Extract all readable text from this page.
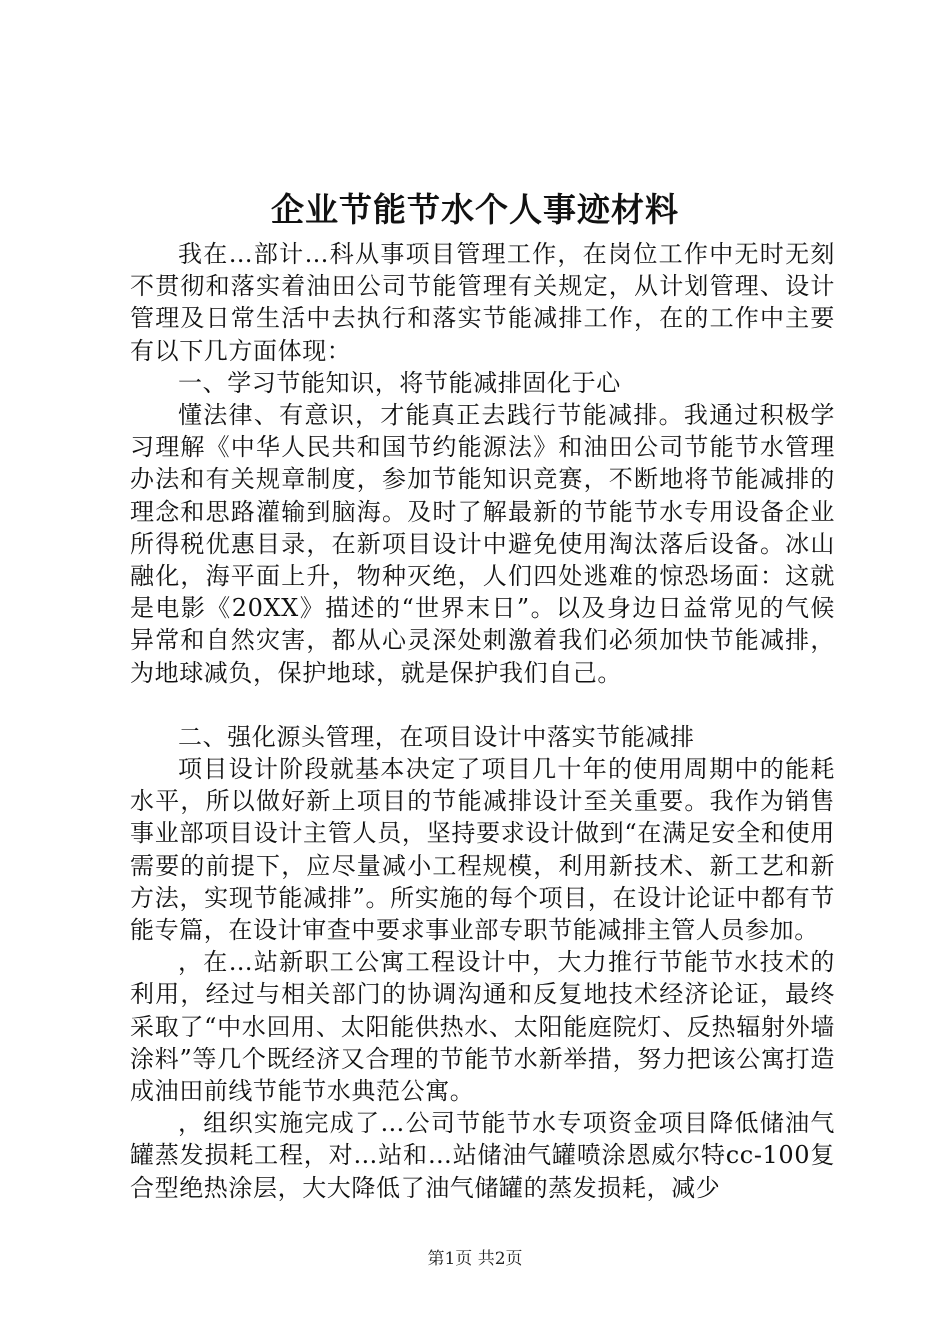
企业节能节水个人事迹材料

我在…部计…科从事项目管理工作，在岗位工作中无时无刻不贯彻和落实着油田公司节能管理有关规定，从计划管理、设计管理及日常生活中去执行和落实节能减排工作，在的工作中主要有以下几方面体现：

一、学习节能知识，将节能减排固化于心

懂法律、有意识，才能真正去践行节能减排。我通过积极学习理解《中华人民共和国节约能源法》和油田公司节能节水管理办法和有关规章制度，参加节能知识竞赛，不断地将节能减排的理念和思路灌输到脑海。及时了解最新的节能节水专用设备企业所得税优惠目录，在新项目设计中避免使用淘汰落后设备。冰山融化，海平面上升，物种灭绝，人们四处逃难的惊恐场面：这就是电影《20XX》描述的“世界末日”。以及身边日益常见的气候异常和自然灾害，都从心灵深处刺激着我们必须加快节能减排，为地球减负，保护地球，就是保护我们自己。

二、强化源头管理，在项目设计中落实节能减排

项目设计阶段就基本决定了项目几十年的使用周期中的能耗水平，所以做好新上项目的节能减排设计至关重要。我作为销售事业部项目设计主管人员，坚持要求设计做到“在满足安全和使用需要的前提下，应尽量减小工程规模，利用新技术、新工艺和新方法，实现节能减排”。所实施的每个项目，在设计论证中都有节能专篇，在设计审查中要求事业部专职节能减排主管人员参加。

，在…站新职工公寓工程设计中，大力推行节能节水技术的利用，经过与相关部门的协调沟通和反复地技术经济论证，最终采取了“中水回用、太阳能供热水、太阳能庭院灯、反热辐射外墙涂料”等几个既经济又合理的节能节水新举措，努力把该公寓打造成油田前线节能节水典范公寓。

，组织实施完成了…公司节能节水专项资金项目降低储油气罐蒸发损耗工程，对…站和…站储油气罐喷涂恩威尔特cc-100复合型绝热涂层，大大降低了油气储罐的蒸发损耗，减少

第1页 共2页
